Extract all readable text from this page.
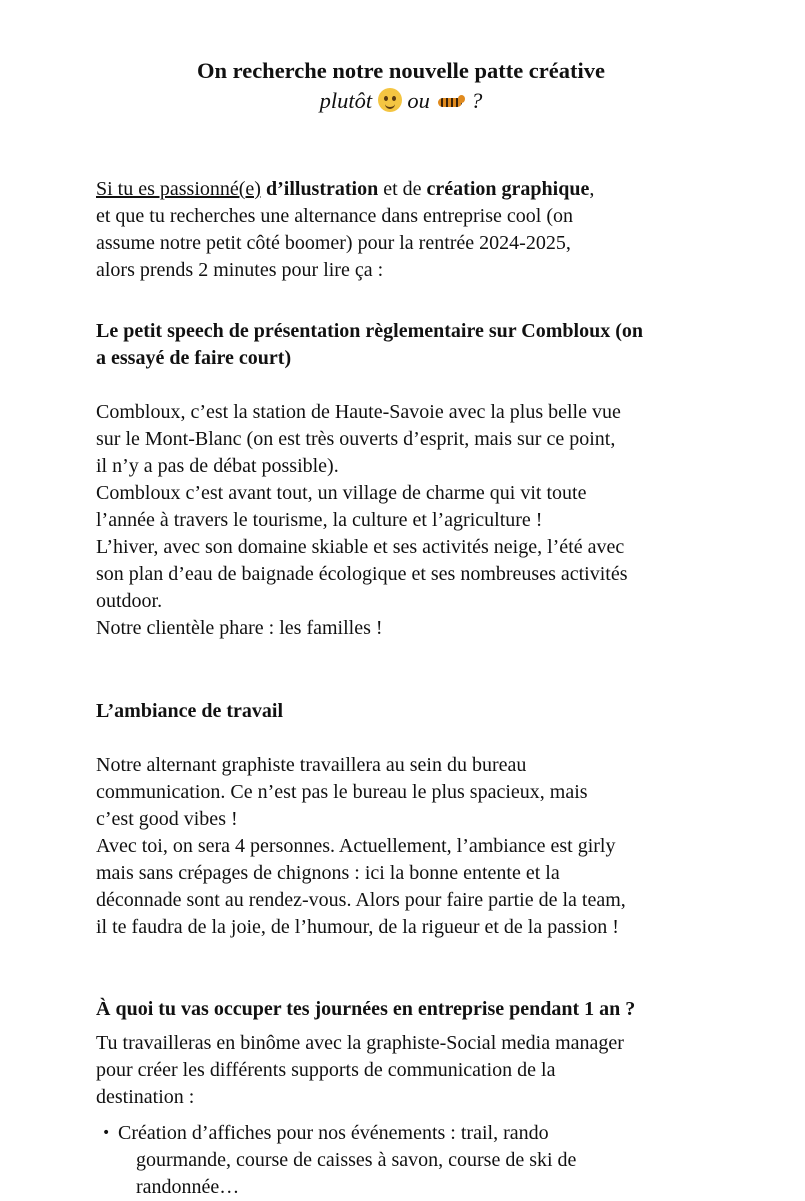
On recherche notre nouvelle patte créative
plutôt ou ?

Si tu es passionné(e) d’illustration et de création graphique,
et que tu recherches une alternance dans entreprise cool (on
assume notre petit côté boomer) pour la rentrée 2024-2025,
alors prends 2 minutes pour lire ça :

Le petit speech de présentation règlementaire sur Combloux (on
a essayé de faire court)

Combloux, c’est la station de Haute-Savoie avec la plus belle vue
sur le Mont-Blanc (on est très ouverts d’esprit, mais sur ce point,
il n’y a pas de débat possible).
Combloux c’est avant tout, un village de charme qui vit toute
l’année à travers le tourisme, la culture et l’agriculture !
L’hiver, avec son domaine skiable et ses activités neige, l’été avec
son plan d’eau de baignade écologique et ses nombreuses activités
outdoor.
Notre clientèle phare : les familles !

L’ambiance de travail

Notre alternant graphiste travaillera au sein du bureau
communication. Ce n’est pas le bureau le plus spacieux, mais
c’est good vibes !
Avec toi, on sera 4 personnes. Actuellement, l’ambiance est girly
mais sans crépages de chignons : ici la bonne entente et la
déconnade sont au rendez-vous. Alors pour faire partie de la team,
il te faudra de la joie, de l’humour, de la rigueur et de la passion !

À quoi tu vas occuper tes journées en entreprise pendant 1 an ?

Tu travailleras en binôme avec la graphiste-Social media manager
pour créer les différents supports de communication de la
destination :

• Création d’affiches pour nos événements : trail, rando
gourmande, course de caisses à savon, course de ski de
randonnée…
